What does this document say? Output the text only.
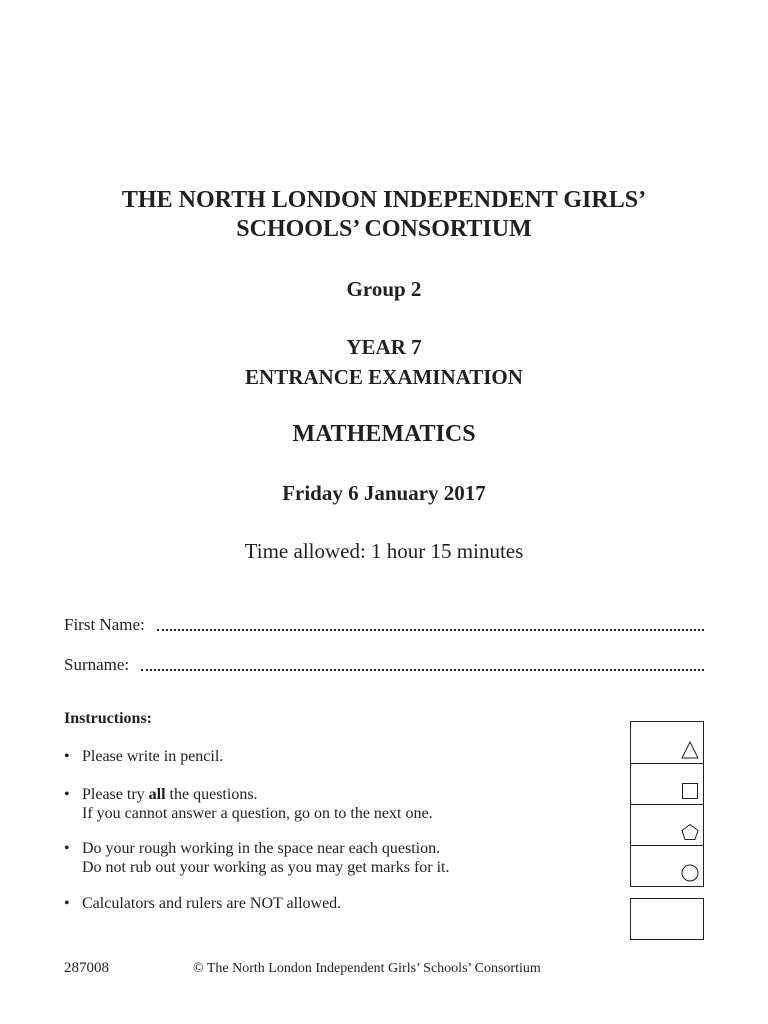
THE NORTH LONDON INDEPENDENT GIRLS’
SCHOOLS’ CONSORTIUM
Group 2
YEAR 7
ENTRANCE EXAMINATION
MATHEMATICS
Friday 6 January 2017
Time allowed: 1 hour 15 minutes
First Name:
Surname:
Instructions:
• Please write in pencil.
• Please try all the questions.
If you cannot answer a question, go on to the next one.
• Do your rough working in the space near each question.
Do not rub out your working as you may get marks for it.
• Calculators and rulers are NOT allowed.
287008	© The North London Independent Girls’ Schools’ Consortium
